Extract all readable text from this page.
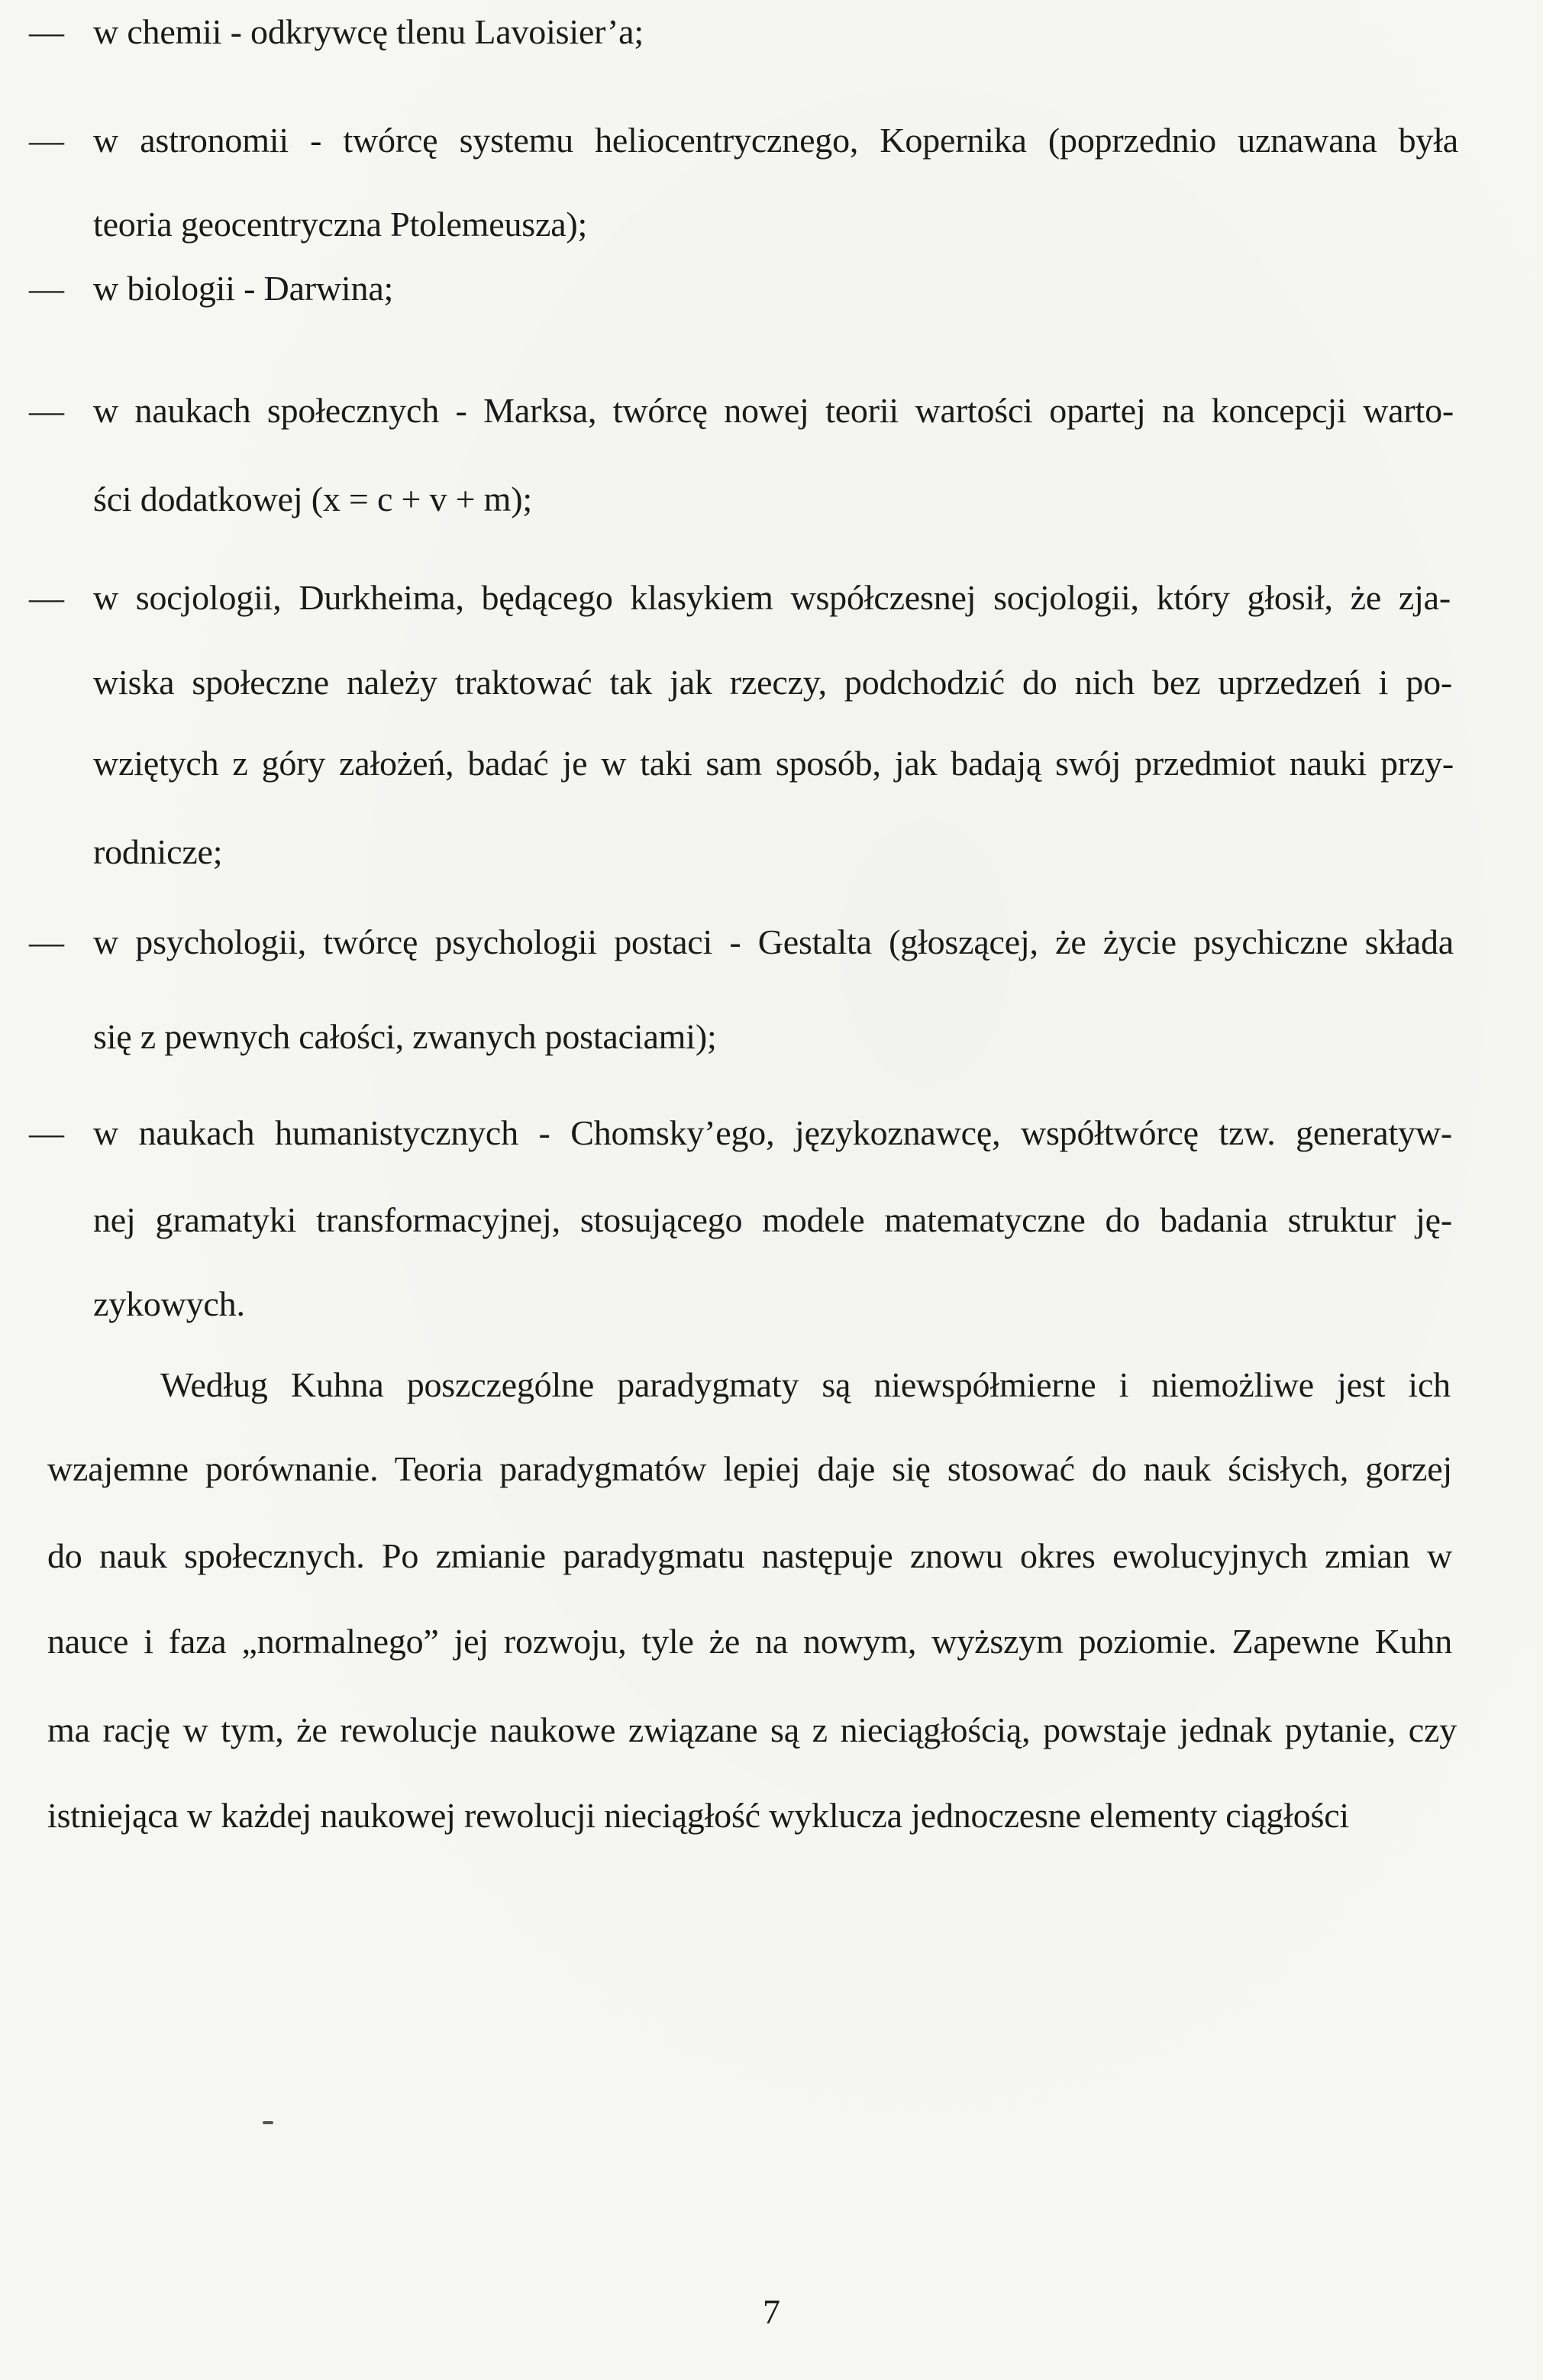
— w chemii - odkrywcę tlenu Lavoisier’a;
— w astronomii - twórcę systemu heliocentrycznego, Kopernika (poprzednio uznawana była
teoria geocentryczna Ptolemeusza);
— w biologii - Darwina;
— w naukach społecznych - Marksa, twórcę nowej teorii wartości opartej na koncepcji warto-
ści dodatkowej (x = c + v + m);
— w socjologii, Durkheima, będącego klasykiem współczesnej socjologii, który głosił, że zja-
wiska społeczne należy traktować tak jak rzeczy, podchodzić do nich bez uprzedzeń i po-
wziętych z góry założeń, badać je w taki sam sposób, jak badają swój przedmiot nauki przy-
rodnicze;
— w psychologii, twórcę psychologii postaci - Gestalta (głoszącej, że życie psychiczne składa
się z pewnych całości, zwanych postaciami);
— w naukach humanistycznych - Chomsky’ego, językoznawcę, współtwórcę tzw. generatyw-
nej gramatyki transformacyjnej, stosującego modele matematyczne do badania struktur ję-
zykowych.
Według Kuhna poszczególne paradygmaty są niewspółmierne i niemożliwe jest ich
wzajemne porównanie. Teoria paradygmatów lepiej daje się stosować do nauk ścisłych, gorzej
do nauk społecznych. Po zmianie paradygmatu następuje znowu okres ewolucyjnych zmian w
nauce i faza „normalnego” jej rozwoju, tyle że na nowym, wyższym poziomie. Zapewne Kuhn
ma rację w tym, że rewolucje naukowe związane są z nieciągłością, powstaje jednak pytanie, czy
istniejąca w każdej naukowej rewolucji nieciągłość wyklucza jednoczesne elementy ciągłości
7
